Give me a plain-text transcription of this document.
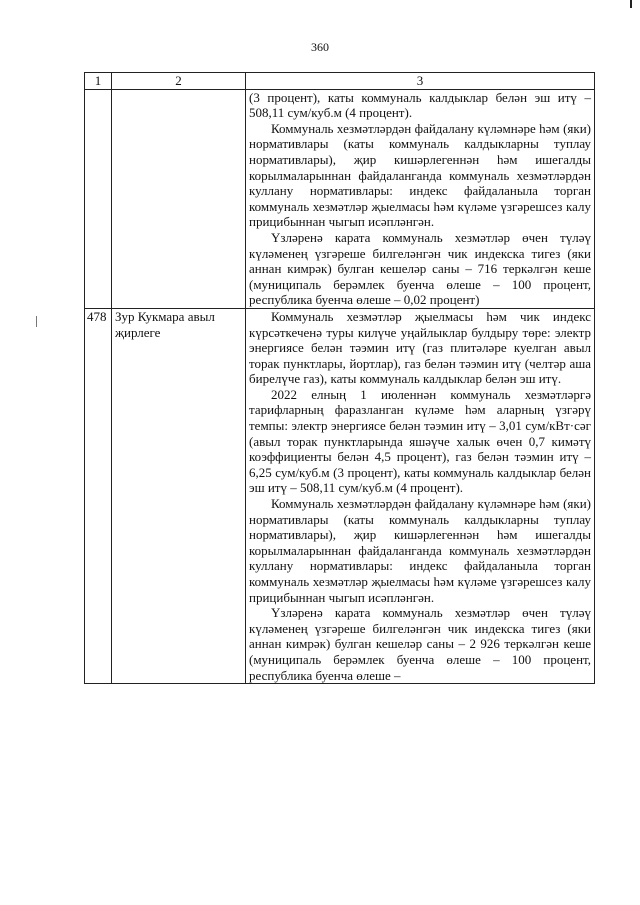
360
1	2	3

		(3 процент), каты коммуналь калдыклар белән эш итү – 508,11 сум/куб.м (4 процент).

Коммуналь хезмәтләрдән файдалану күләмнәре һәм (яки) нормативлары (каты коммуналь калдыкларны туплау нормативлары), җир кишәрлегеннән һәм ишегалды корылмаларыннан файдаланганда коммуналь хезмәтләрдән куллану нормативлары: индекс файдаланыла торган коммуналь хезмәтләр җыелмасы һәм күләме үзгәрешсез калу прицибыннан чыгып исәпләнгән.

Үзләренә карата коммуналь хезмәтләр өчен түләү күләменең үзгәреше билгеләнгән чик индекска тигез (яки аннан кимрәк) булган кешеләр саны – 716 теркәлгән кеше (муниципаль берәмлек буенча өлеше – 100 процент, республика буенча өлеше – 0,02 процент)

478	Зур Кукмара авыл җирлеге	Коммуналь хезмәтләр җыелмасы һәм чик индекс күрсәткеченә туры килүче уңайлыклар булдыру төре: электр энергиясе белән тәэмин итү (газ плитәләре куелган авыл торак пунктлары, йортлар), газ белән тәэмин итү (челтәр аша бирелүче газ), каты коммуналь калдыклар белән эш итү.

2022 елның 1 июленнән коммуналь хезмәтләргә тарифларның фаразланган күләме һәм аларның үзгәрү темпы: электр энергиясе белән тәэмин итү – 3,01 сум/кВт·сәг (авыл торак пунктларында яшәүче халык өчен 0,7 кимәтү коэффициенты белән 4,5 процент), газ белән тәэмин итү – 6,25 сум/куб.м (3 процент), каты коммуналь калдыклар белән эш итү – 508,11 сум/куб.м (4 процент).

Коммуналь хезмәтләрдән файдалану күләмнәре һәм (яки) нормативлары (каты коммуналь калдыкларны туплау нормативлары), җир кишәрлегеннән һәм ишегалды корылмаларыннан файдаланганда коммуналь хезмәтләрдән куллану нормативлары: индекс файдаланыла торган коммуналь хезмәтләр җыелмасы һәм күләме үзгәрешсез калу прицибыннан чыгып исәпләнгән.

Үзләренә карата коммуналь хезмәтләр өчен түләү күләменең үзгәреше билгеләнгән чик индекска тигез (яки аннан кимрәк) булган кешеләр саны – 2 926 теркәлгән кеше (муниципаль берәмлек буенча өлеше – 100 процент, республика буенча өлеше –
